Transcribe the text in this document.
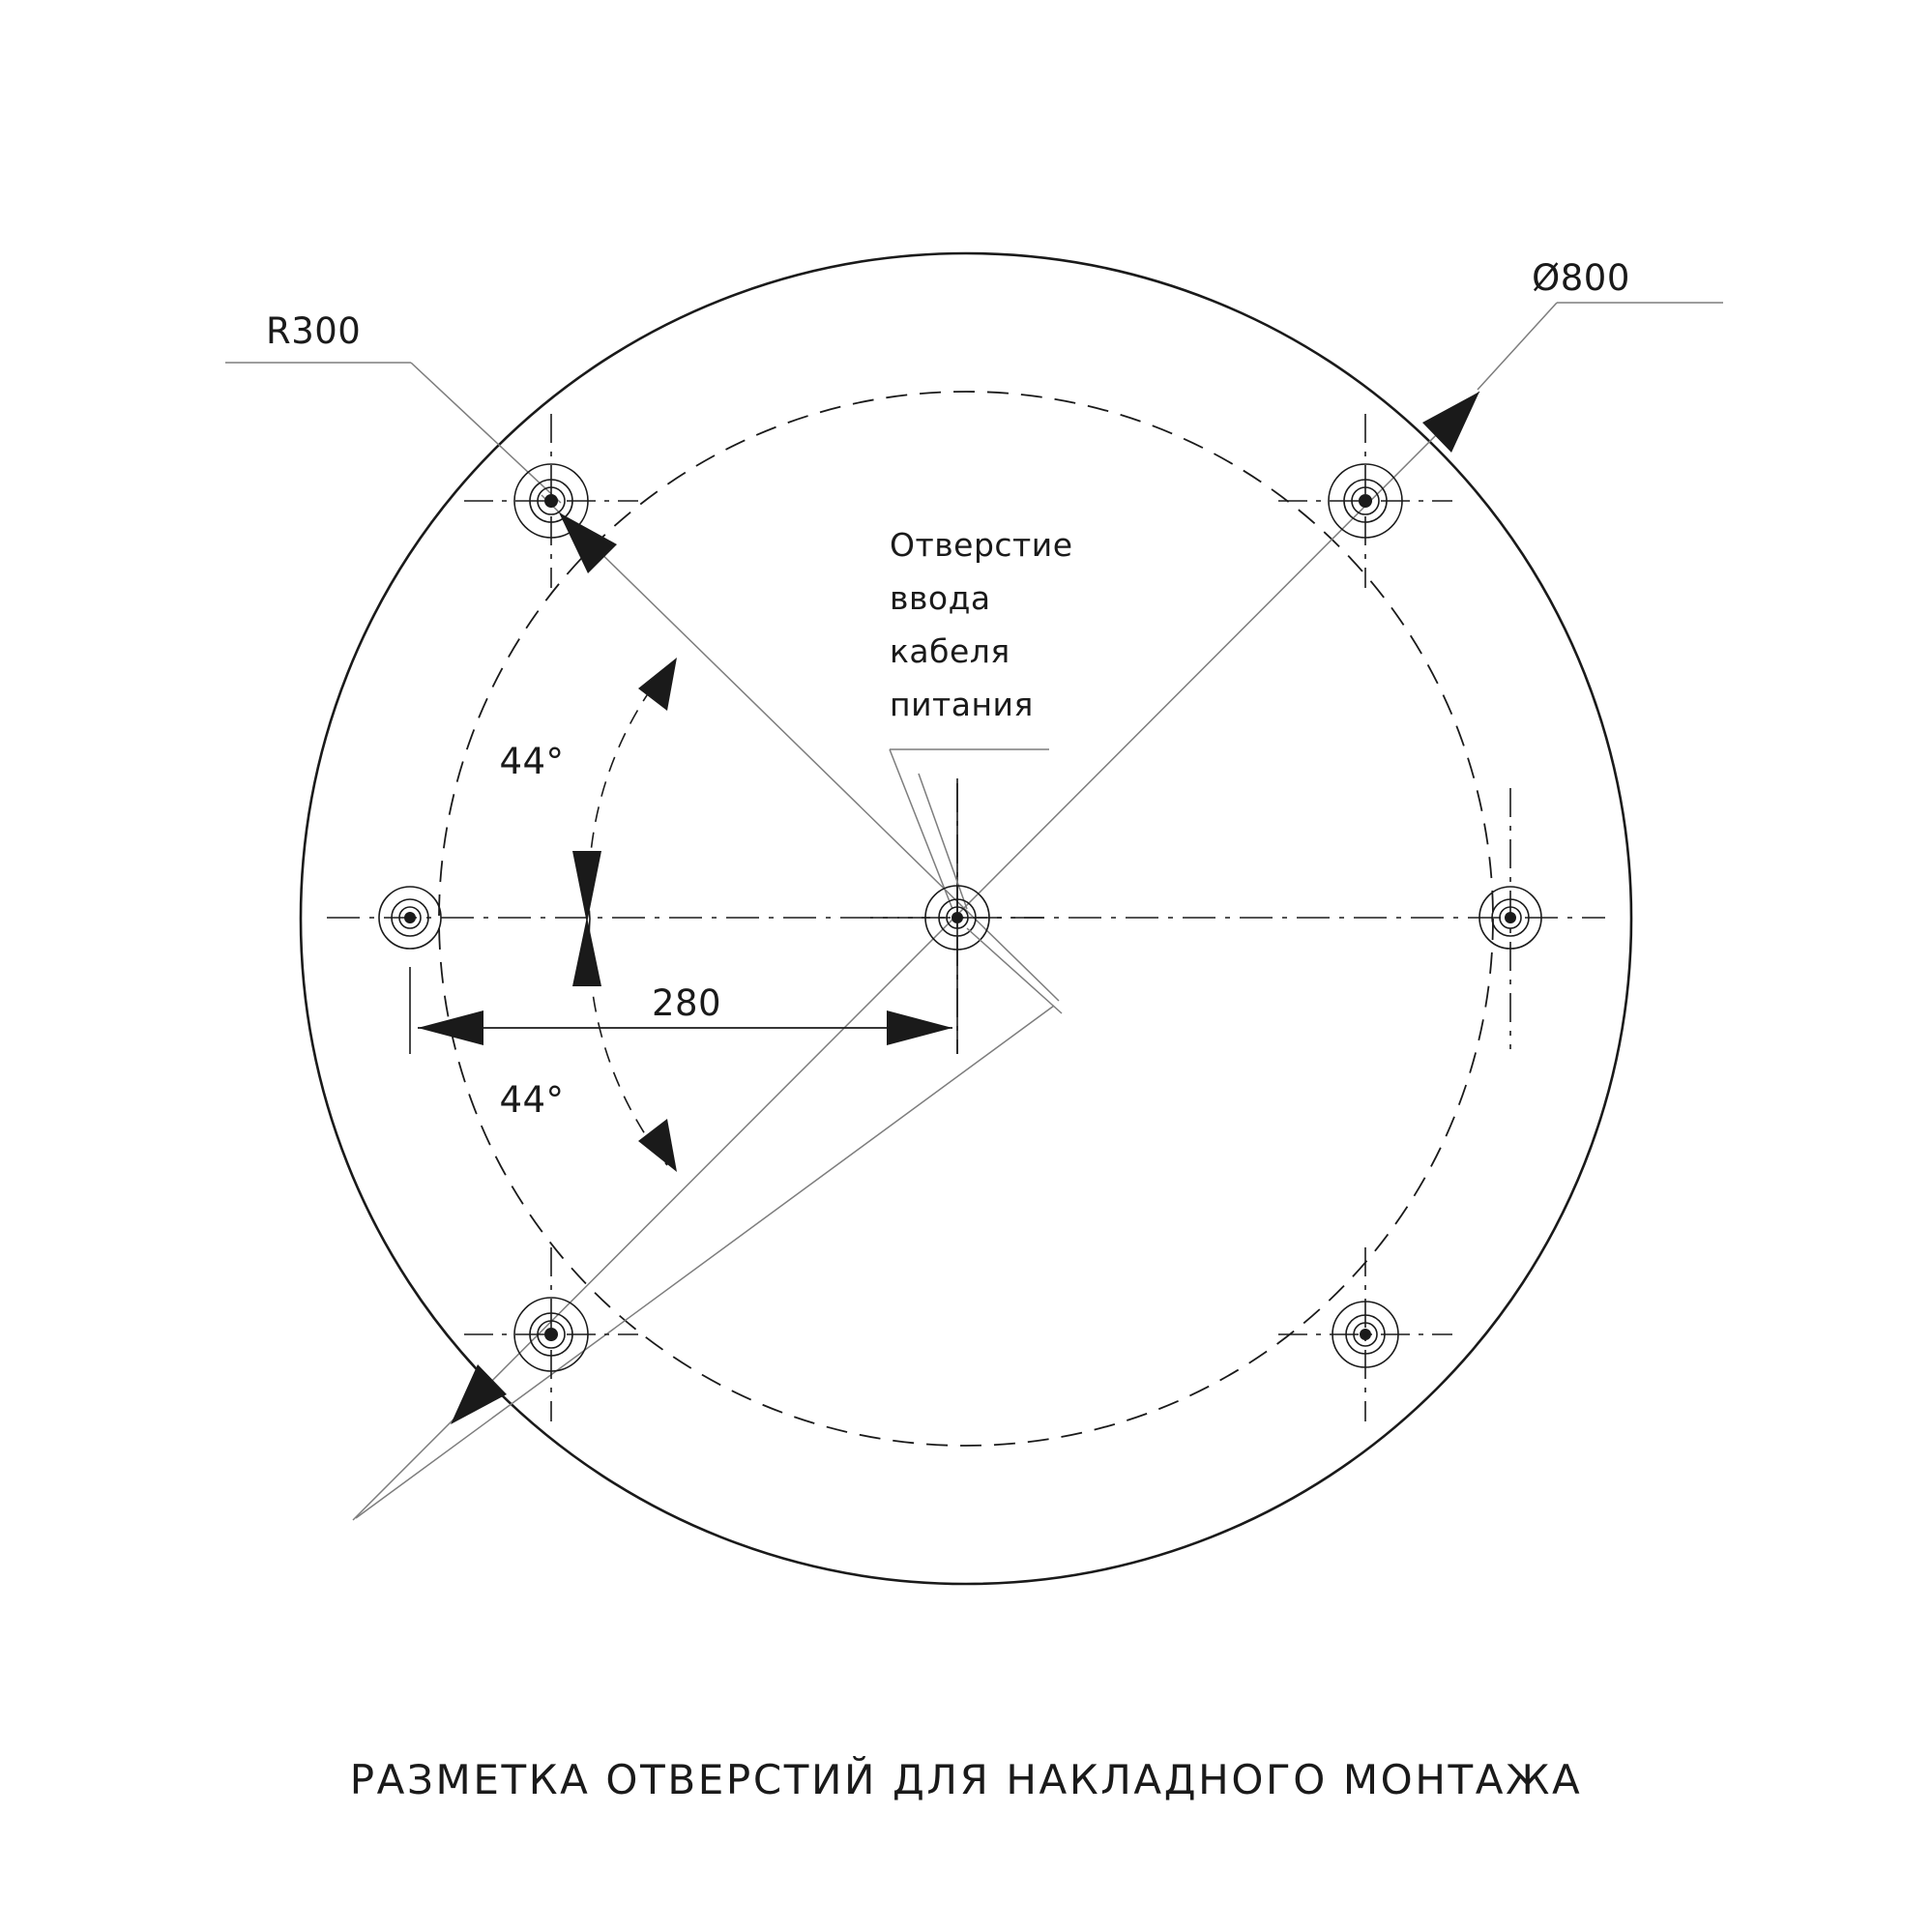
R300
Ø800
44°
44°
280
Отверстие
ввода
кабеля
питания
РАЗМЕТКА ОТВЕРСТИЙ ДЛЯ НАКЛАДНОГО МОНТАЖА
